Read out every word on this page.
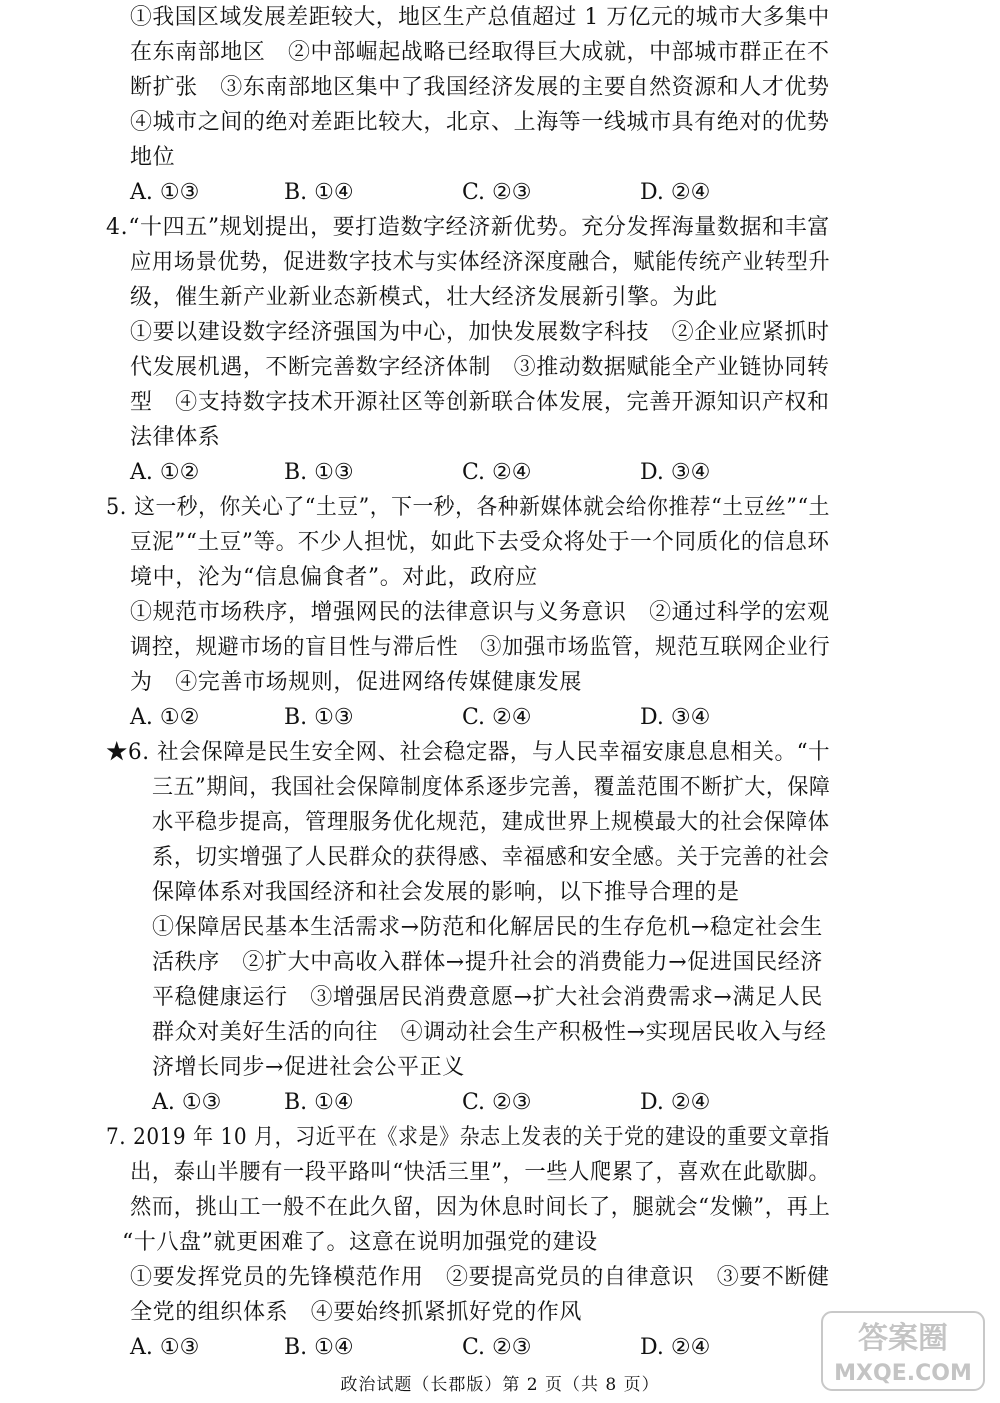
①我国区域发展差距较大，地区生产总值超过 1 万亿元的城市大多集中
在东南部地区　②中部崛起战略已经取得巨大成就，中部城市群正在不
断扩张　③东南部地区集中了我国经济发展的主要自然资源和人才优势
④城市之间的绝对差距比较大，北京、上海等一线城市具有绝对的优势
地位
A. ①③	B. ①④	C. ②③	D. ②④
4.“十四五”规划提出，要打造数字经济新优势。充分发挥海量数据和丰富
应用场景优势，促进数字技术与实体经济深度融合，赋能传统产业转型升
级，催生新产业新业态新模式，壮大经济发展新引擎。为此
①要以建设数字经济强国为中心，加快发展数字科技　②企业应紧抓时
代发展机遇，不断完善数字经济体制　③推动数据赋能全产业链协同转
型　④支持数字技术开源社区等创新联合体发展，完善开源知识产权和
法律体系
A. ①②	B. ①③	C. ②④	D. ③④
5. 这一秒，你关心了“土豆”，下一秒，各种新媒体就会给你推荐“土豆丝”“土
豆泥”“土豆”等。不少人担忧，如此下去受众将处于一个同质化的信息环
境中，沦为“信息偏食者”。对此，政府应
①规范市场秩序，增强网民的法律意识与义务意识　②通过科学的宏观
调控，规避市场的盲目性与滞后性　③加强市场监管，规范互联网企业行
为　④完善市场规则，促进网络传媒健康发展
A. ①②	B. ①③	C. ②④	D. ③④
★6. 社会保障是民生安全网、社会稳定器，与人民幸福安康息息相关。“十
三五”期间，我国社会保障制度体系逐步完善，覆盖范围不断扩大，保障
水平稳步提高，管理服务优化规范，建成世界上规模最大的社会保障体
系，切实增强了人民群众的获得感、幸福感和安全感。关于完善的社会
保障体系对我国经济和社会发展的影响，以下推导合理的是
①保障居民基本生活需求→防范和化解居民的生存危机→稳定社会生
活秩序　②扩大中高收入群体→提升社会的消费能力→促进国民经济
平稳健康运行　③增强居民消费意愿→扩大社会消费需求→满足人民
群众对美好生活的向往　④调动社会生产积极性→实现居民收入与经
济增长同步→促进社会公平正义
A. ①③	B. ①④	C. ②③	D. ②④
7. 2019 年 10 月，习近平在《求是》杂志上发表的关于党的建设的重要文章指
出，泰山半腰有一段平路叫“快活三里”，一些人爬累了，喜欢在此歇脚。
然而，挑山工一般不在此久留，因为休息时间长了，腿就会“发懒”，再上
“十八盘”就更困难了。这意在说明加强党的建设
①要发挥党员的先锋模范作用　②要提高党员的自律意识　③要不断健
全党的组织体系　④要始终抓紧抓好党的作风
A. ①③	B. ①④	C. ②③	D. ②④
政治试题（长郡版）第 2 页（共 8 页）
答案圈
MXQE.COM
